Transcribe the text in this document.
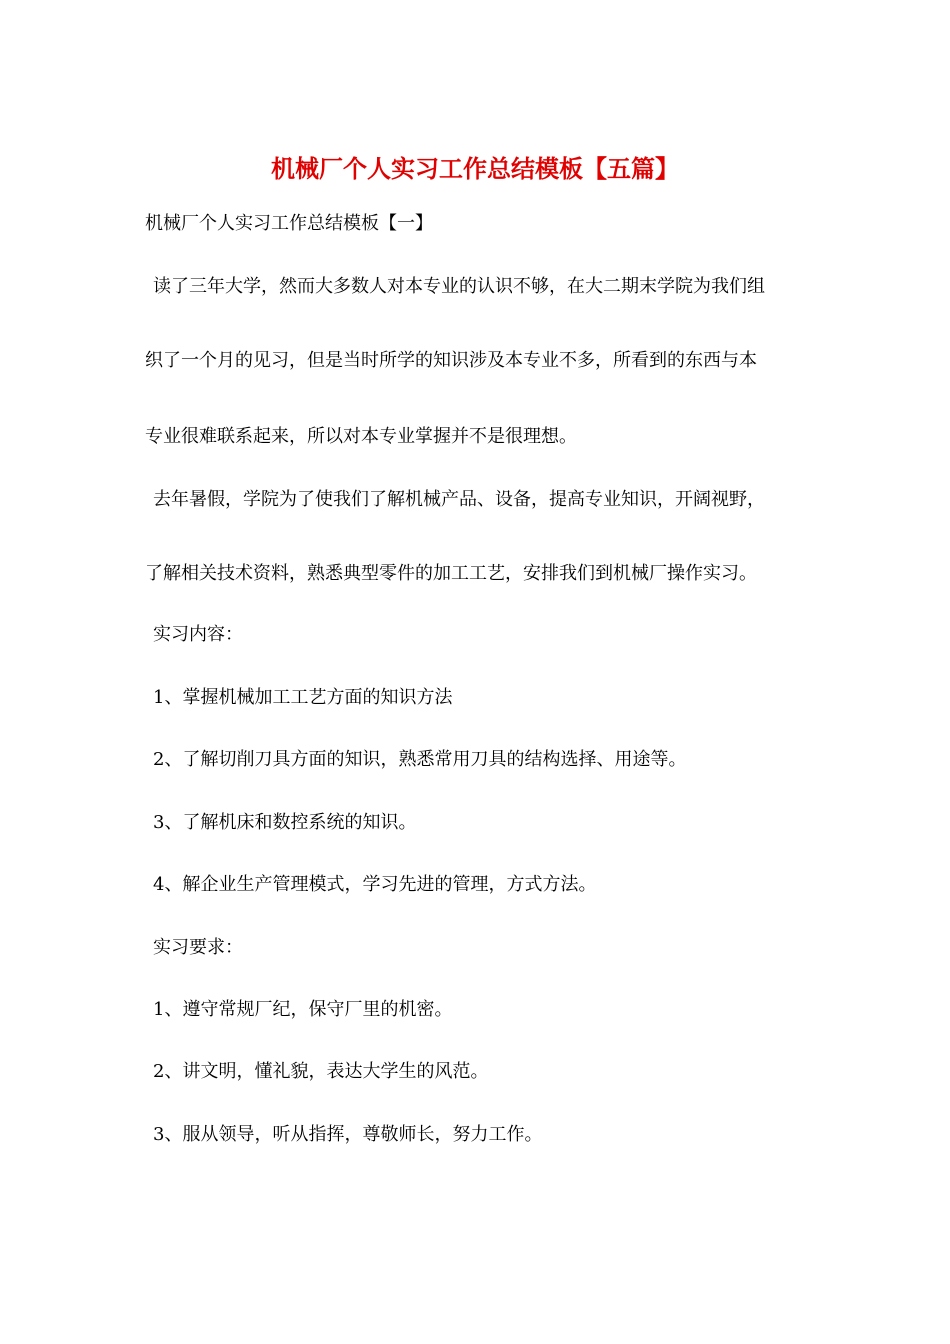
机械厂个人实习工作总结模板【五篇】

机械厂个人实习工作总结模板【一】

读了三年大学，然而大多数人对本专业的认识不够，在大二期末学院为我们组

织了一个月的见习，但是当时所学的知识涉及本专业不多，所看到的东西与本

专业很难联系起来，所以对本专业掌握并不是很理想。

去年暑假，学院为了使我们了解机械产品、设备，提高专业知识，开阔视野，

了解相关技术资料，熟悉典型零件的加工工艺，安排我们到机械厂操作实习。

实习内容：

1、掌握机械加工工艺方面的知识方法

2、了解切削刀具方面的知识，熟悉常用刀具的结构选择、用途等。

3、了解机床和数控系统的知识。

4、解企业生产管理模式，学习先进的管理，方式方法。

实习要求：

1、遵守常规厂纪，保守厂里的机密。

2、讲文明，懂礼貌，表达大学生的风范。

3、服从领导，听从指挥，尊敬师长，努力工作。
